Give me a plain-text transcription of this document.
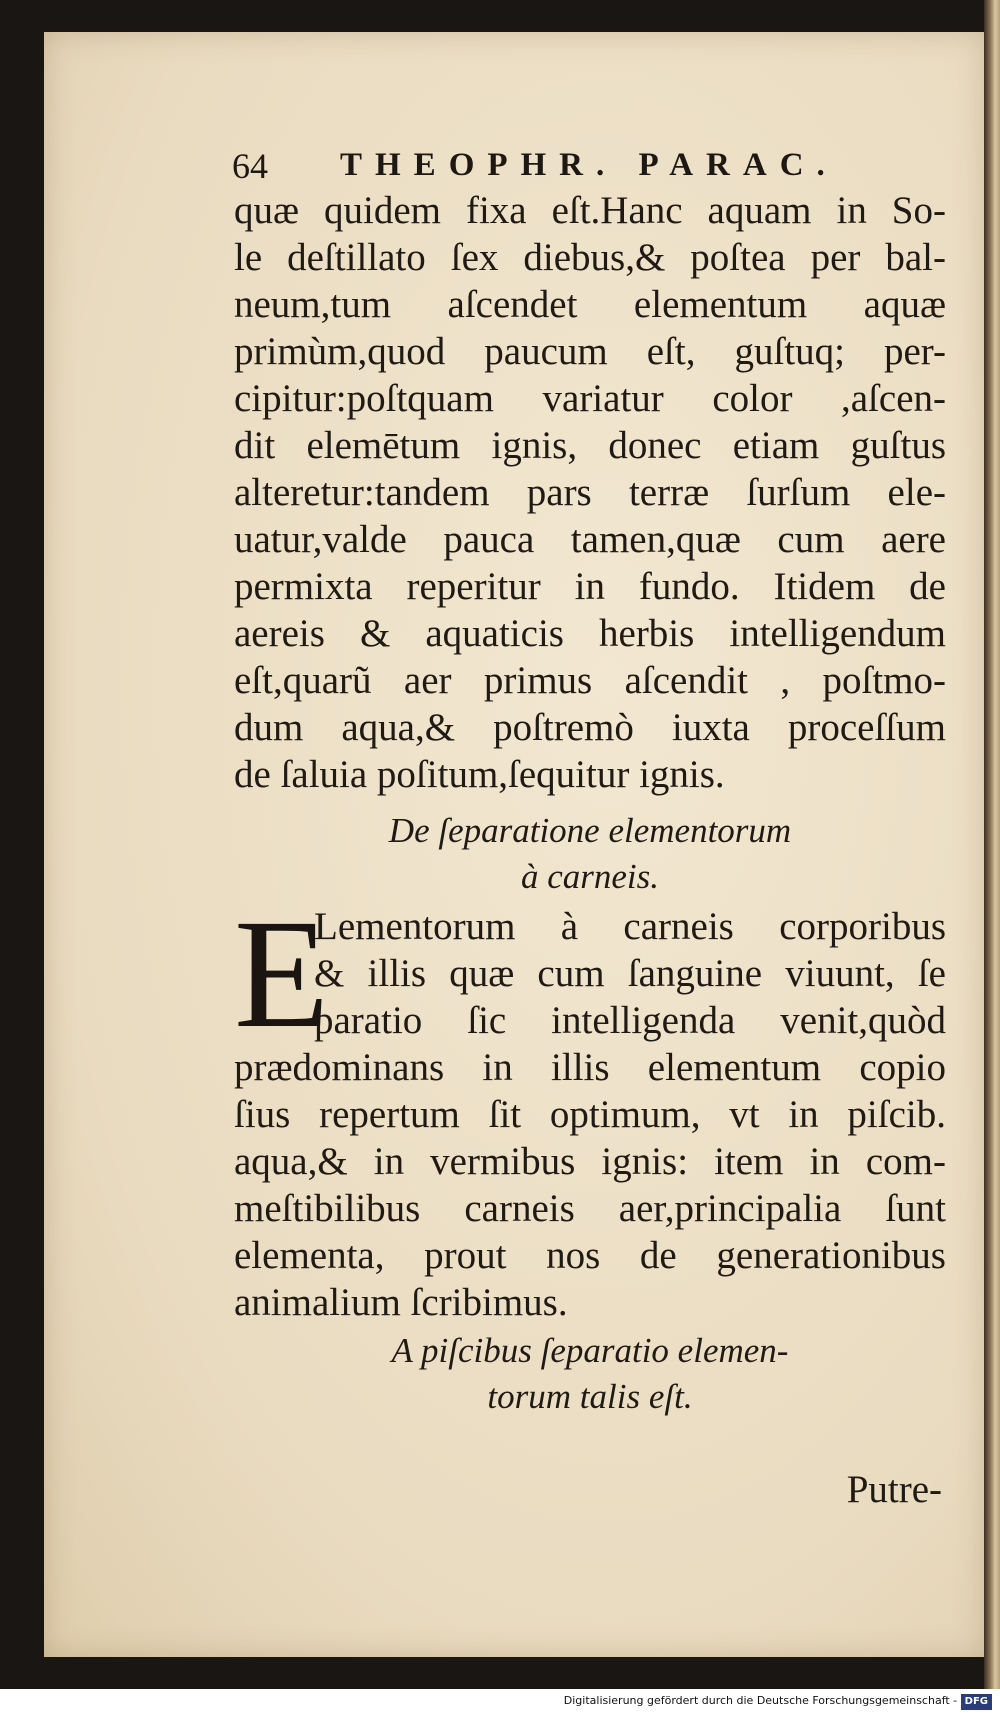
64 THEOPHR. PARAC.
quæ quidem fixa eſt.Hanc aquam in So-
le deſtillato ſex diebus,& poſtea per bal-
neum,tum aſcendet elementum aquæ
primùm,quod paucum eſt, guſtuq; per-
cipitur:poſtquam variatur color ,aſcen-
dit elemētum ignis, donec etiam guſtus
alteretur:tandem pars terræ ſurſum ele-
uatur,valde pauca tamen,quæ cum aere
permixta reperitur in fundo. Itidem de
aereis & aquaticis herbis intelligendum
eſt,quarũ aer primus aſcendit , poſtmo-
dum aqua,& poſtremò iuxta proceſſum
de ſaluia poſitum,ſequitur ignis.
De ſeparatione elementorum
à carneis.
E
Lementorum à carneis corporibus
& illis quæ cum ſanguine viuunt, ſe
paratio ſic intelligenda venit,quòd
prædominans in illis elementum copio
ſius repertum ſit optimum, vt in piſcib.
aqua,& in vermibus ignis: item in com-
meſtibilibus carneis aer,principalia ſunt
elementa, prout nos de generationibus
animalium ſcribimus.
A piſcibus ſeparatio elemen-
torum talis eſt.
Putre-
Digitalisierung gefördert durch die Deutsche Forschungsgemeinschaft - DFG
